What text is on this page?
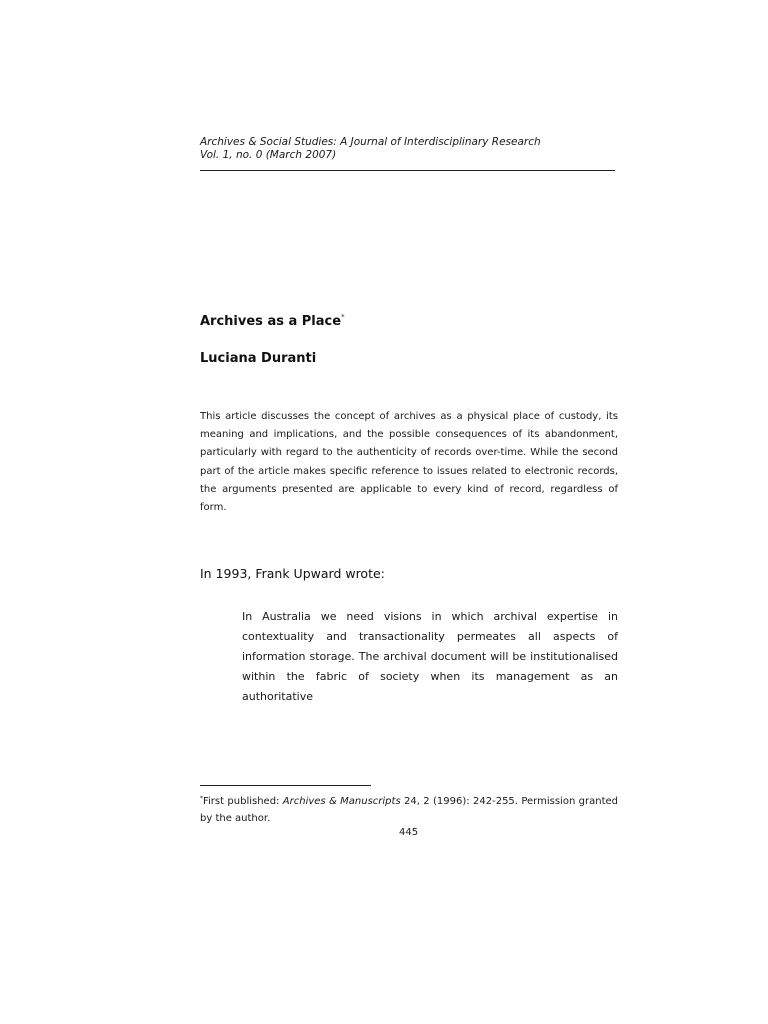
Archives & Social Studies: A Journal of Interdisciplinary Research
Vol. 1, no. 0 (March 2007)
Archives as a Place*
Luciana Duranti
This article discusses the concept of archives as a physical place of custody, its meaning and implications, and the possible consequences of its abandonment, particularly with regard to the authenticity of records over-time. While the second part of the article makes specific reference to issues related to electronic records, the arguments presented are applicable to every kind of record, regardless of form.
In 1993, Frank Upward wrote:
In Australia we need visions in which archival expertise in contextuality and transactionality permeates all aspects of information storage. The archival document will be institutionalised within the fabric of society when its management as an authoritative
*First published: Archives & Manuscripts 24, 2 (1996): 242-255. Permission granted by the author.
445
